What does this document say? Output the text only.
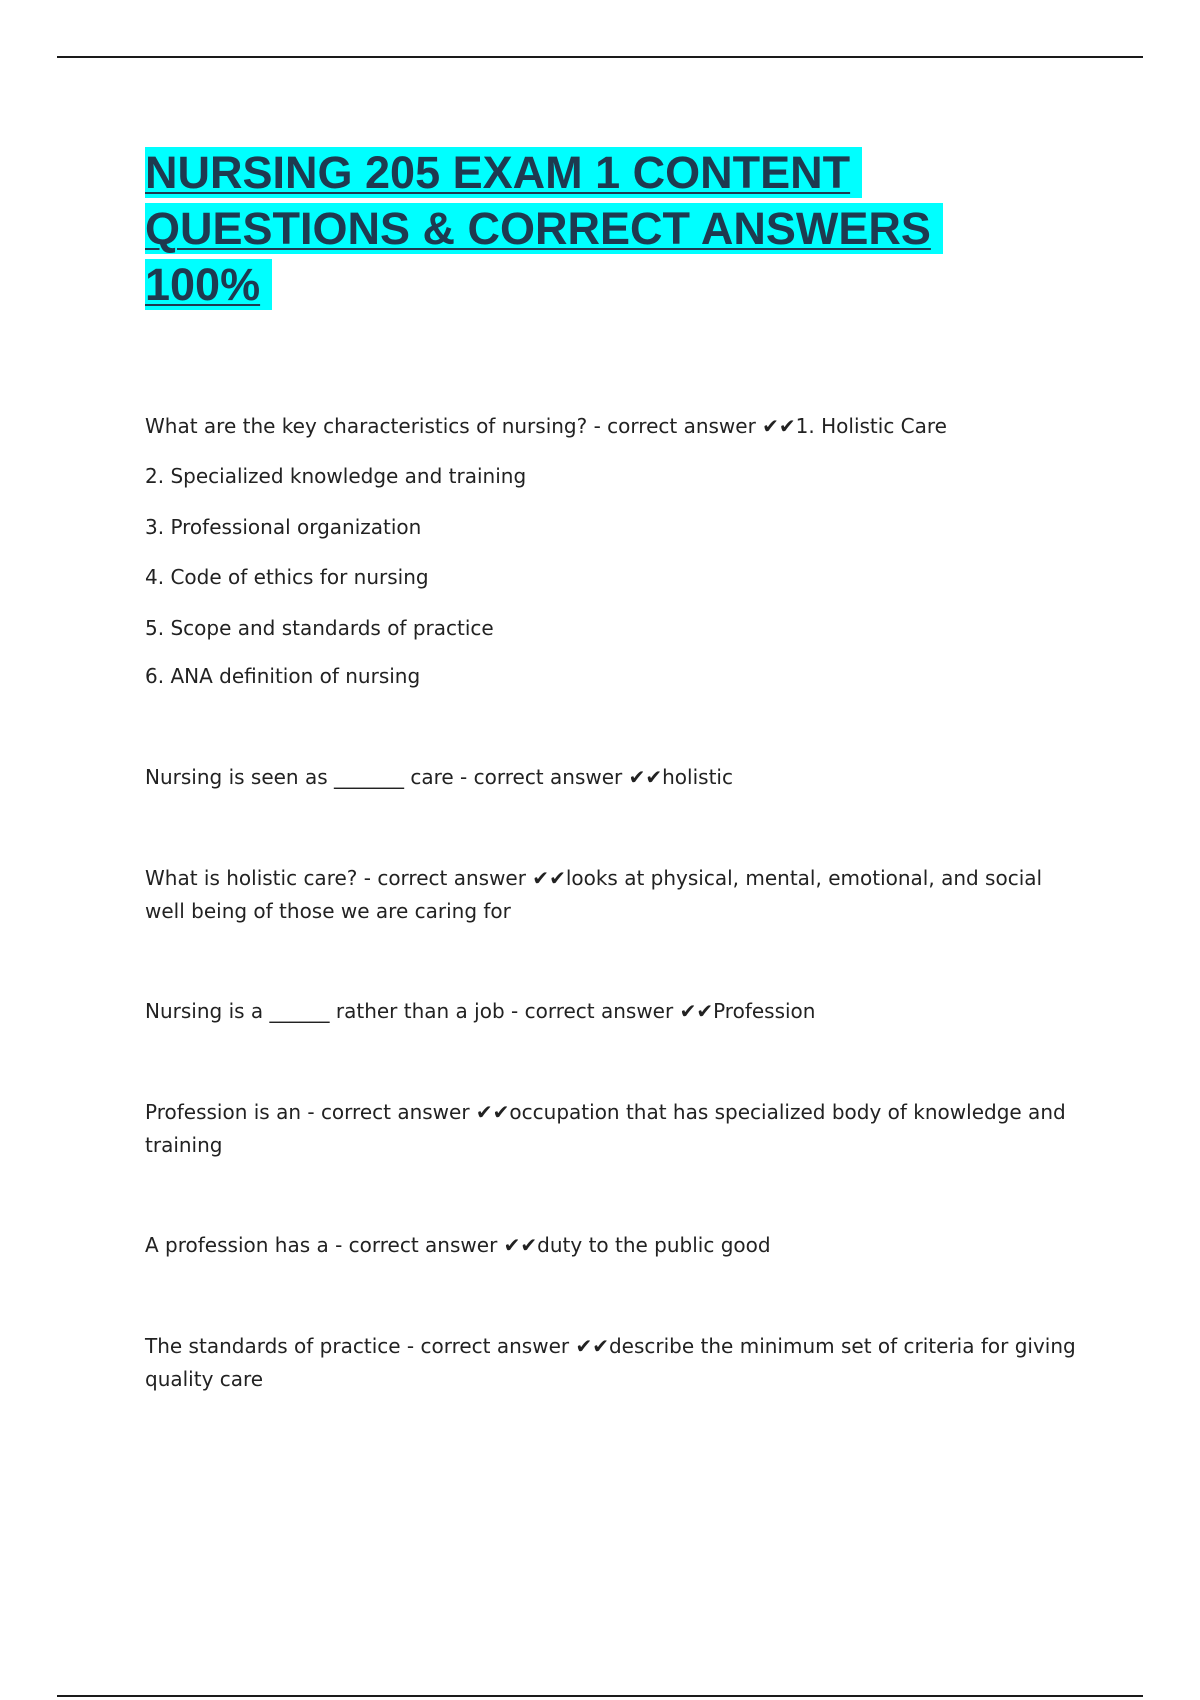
NURSING 205 EXAM 1 CONTENT
QUESTIONS & CORRECT ANSWERS
100%

What are the key characteristics of nursing? - correct answer ✔✔1. Holistic Care

2. Specialized knowledge and training

3. Professional organization

4. Code of ethics for nursing

5. Scope and standards of practice

6. ANA definition of nursing

Nursing is seen as _______ care - correct answer ✔✔holistic

What is holistic care? - correct answer ✔✔looks at physical, mental, emotional, and social well being of those we are caring for

Nursing is a ______ rather than a job - correct answer ✔✔Profession

Profession is an - correct answer ✔✔occupation that has specialized body of knowledge and training

A profession has a - correct answer ✔✔duty to the public good

The standards of practice - correct answer ✔✔describe the minimum set of criteria for giving quality care
